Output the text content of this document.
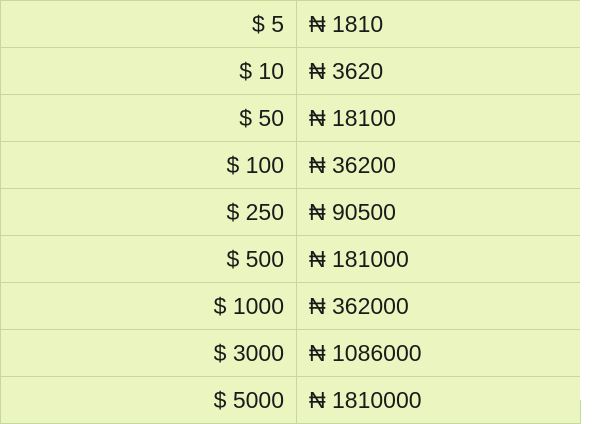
$ 5	₦ 1810
$ 10	₦ 3620
$ 50	₦ 18100
$ 100	₦ 36200
$ 250	₦ 90500
$ 500	₦ 181000
$ 1000	₦ 362000
$ 3000	₦ 1086000
$ 5000	₦ 1810000
